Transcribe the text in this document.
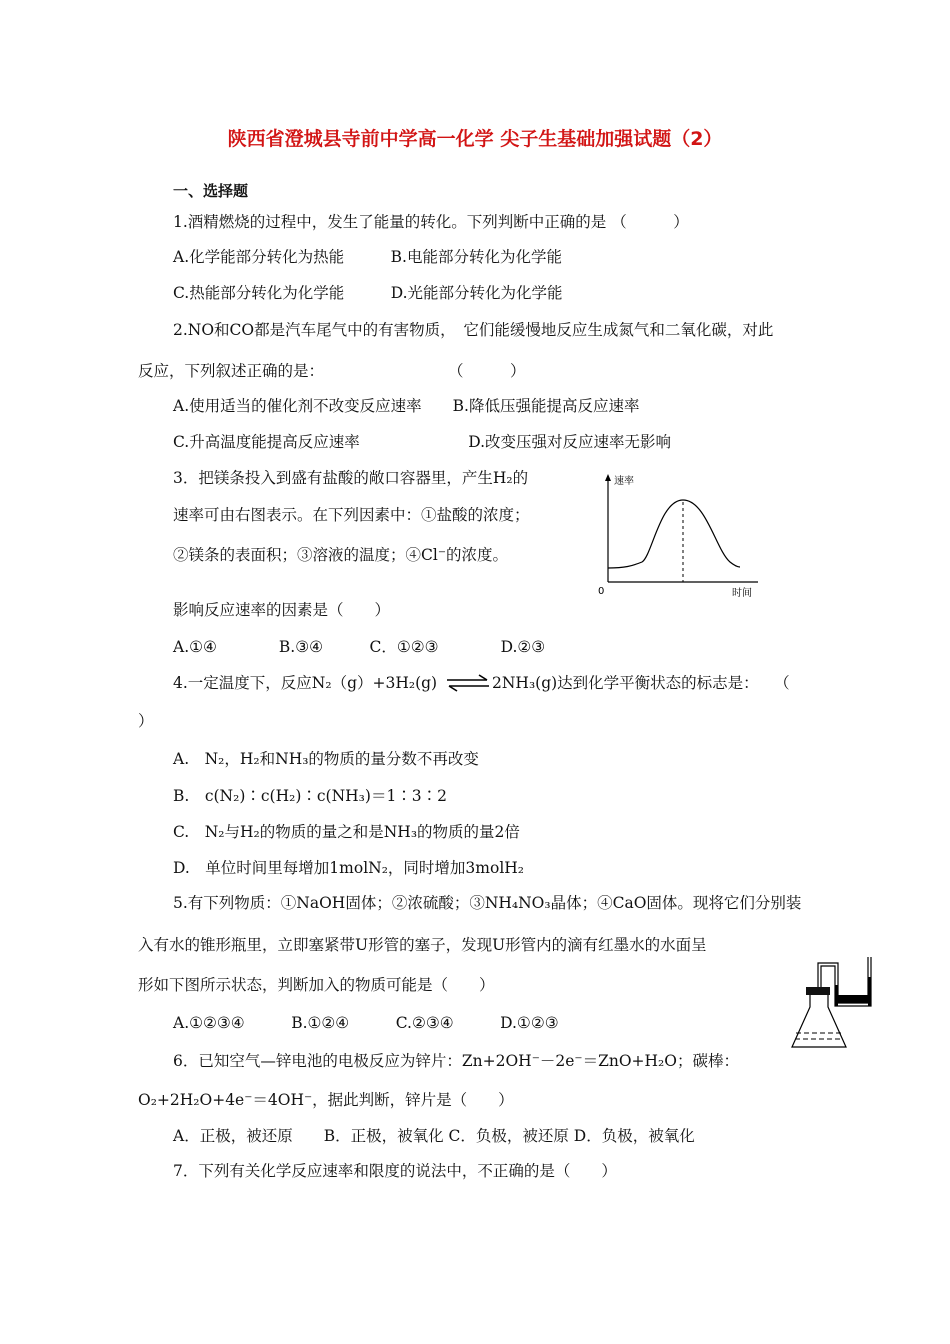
陕西省澄城县寺前中学高一化学 尖子生基础加强试题（2）
一、选择题
1.酒精燃烧的过程中，发生了能量的转化。下列判断中正确的是 （　　　）
A.化学能部分转化为热能　　　B.电能部分转化为化学能
C.热能部分转化为化学能　　　D.光能部分转化为化学能
2.NO和CO都是汽车尾气中的有害物质，　它们能缓慢地反应生成氮气和二氧化碳，对此
反应，下列叙述正确的是：　　　　　　　　　（　　　）
A.使用适当的催化剂不改变反应速率　　B.降低压强能提高反应速率
C.升高温度能提高反应速率　　　　　　　D.改变压强对反应速率无影响
3．把镁条投入到盛有盐酸的敞口容器里，产生H₂的
速率可由右图表示。在下列因素中：①盐酸的浓度；
②镁条的表面积；③溶液的温度；④Cl⁻的浓度。
影响反应速率的因素是（　　）
A.①④　　　　B.③④　　　C．①②③　　　　D.②③
速率
0	时间
4.一定温度下，反应N₂（g）+3H₂(g) ⇌ 2NH₃(g)达到化学平衡状态的标志是：　　（
）
A.　N₂，H₂和NH₃的物质的量分数不再改变
B.　c(N₂)∶c(H₂)∶c(NH₃)＝1∶3∶2
C.　N₂与H₂的物质的量之和是NH₃的物质的量2倍
D.　单位时间里每增加1molN₂，同时增加3molH₂
5.有下列物质：①NaOH固体；②浓硫酸；③NH₄NO₃晶体；④CaO固体。现将它们分别装
入有水的锥形瓶里，立即塞紧带U形管的塞子，发现U形管内的滴有红墨水的水面呈
形如下图所示状态，判断加入的物质可能是（　　）
A.①②③④　　　B.①②④　　　C.②③④　　　D.①②③
6．已知空气—锌电池的电极反应为锌片：Zn+2OH⁻－2e⁻＝ZnO+H₂O；碳棒：
O₂+2H₂O+4e⁻＝4OH⁻，据此判断，锌片是（　　）
A．正极，被还原　　B．正极，被氧化 C．负极，被还原 D．负极，被氧化
7．下列有关化学反应速率和限度的说法中，不正确的是（　　）
